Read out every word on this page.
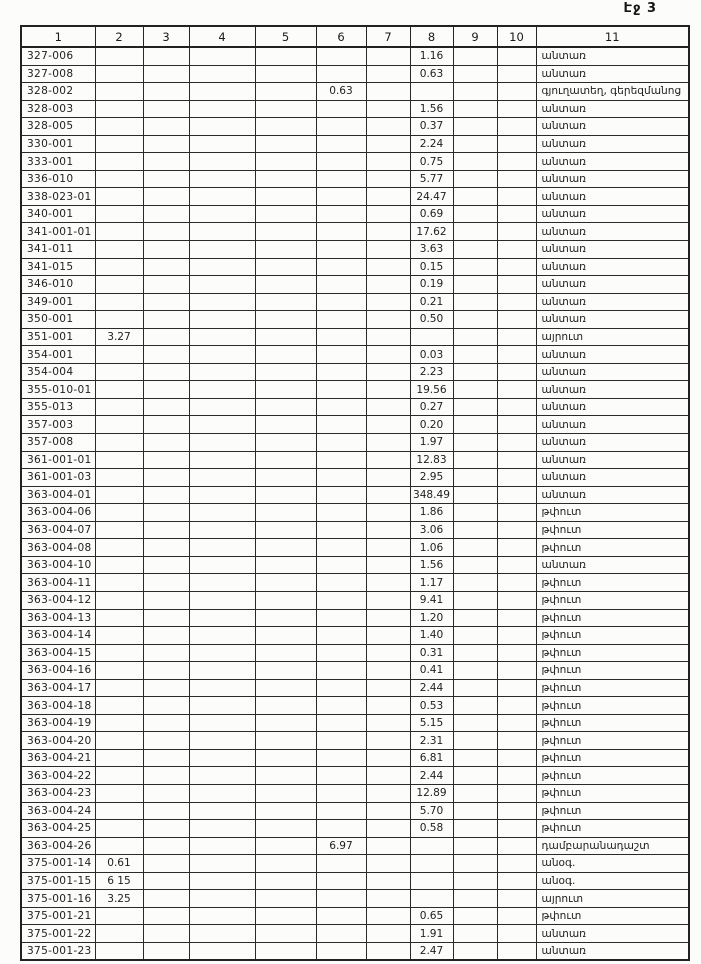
Էջ 3
1	2	3	4	5	6	7	8	9	10	11
327-006							1.16			անտառ
327-008							0.63			անտառ
328-002					0.63					գյուղատեղ, գերեզմանոց
328-003							1.56			անտառ
328-005							0.37			անտառ
330-001							2.24			անտառ
333-001							0.75			անտառ
336-010							5.77			անտառ
338-023-01							24.47			անտառ
340-001							0.69			անտառ
341-001-01							17.62			անտառ
341-011							3.63			անտառ
341-015							0.15			անտառ
346-010							0.19			անտառ
349-001							0.21			անտառ
350-001							0.50			անտառ
351-001	3.27									այրուտ
354-001							0.03			անտառ
354-004							2.23			անտառ
355-010-01							19.56			անտառ
355-013							0.27			անտառ
357-003							0.20			անտառ
357-008							1.97			անտառ
361-001-01							12.83			անտառ
361-001-03							2.95			անտառ
363-004-01							348.49			անտառ
363-004-06							1.86			թփուտ
363-004-07							3.06			թփուտ
363-004-08							1.06			թփուտ
363-004-10							1.56			անտառ
363-004-11							1.17			թփուտ
363-004-12							9.41			թփուտ
363-004-13							1.20			թփուտ
363-004-14							1.40			թփուտ
363-004-15							0.31			թփուտ
363-004-16							0.41			թփուտ
363-004-17							2.44			թփուտ
363-004-18							0.53			թփուտ
363-004-19							5.15			թփուտ
363-004-20							2.31			թփուտ
363-004-21							6.81			թփուտ
363-004-22							2.44			թփուտ
363-004-23							12.89			թփուտ
363-004-24							5.70			թփուտ
363-004-25							0.58			թփուտ
363-004-26					6.97					դամբարանադաշտ
375-001-14	0.61									անօգ.
375-001-15	6 15									անօգ.
375-001-16	3.25									այրուտ
375-001-21							0.65			թփուտ
375-001-22							1.91			անտառ
375-001-23							2.47			անտառ
